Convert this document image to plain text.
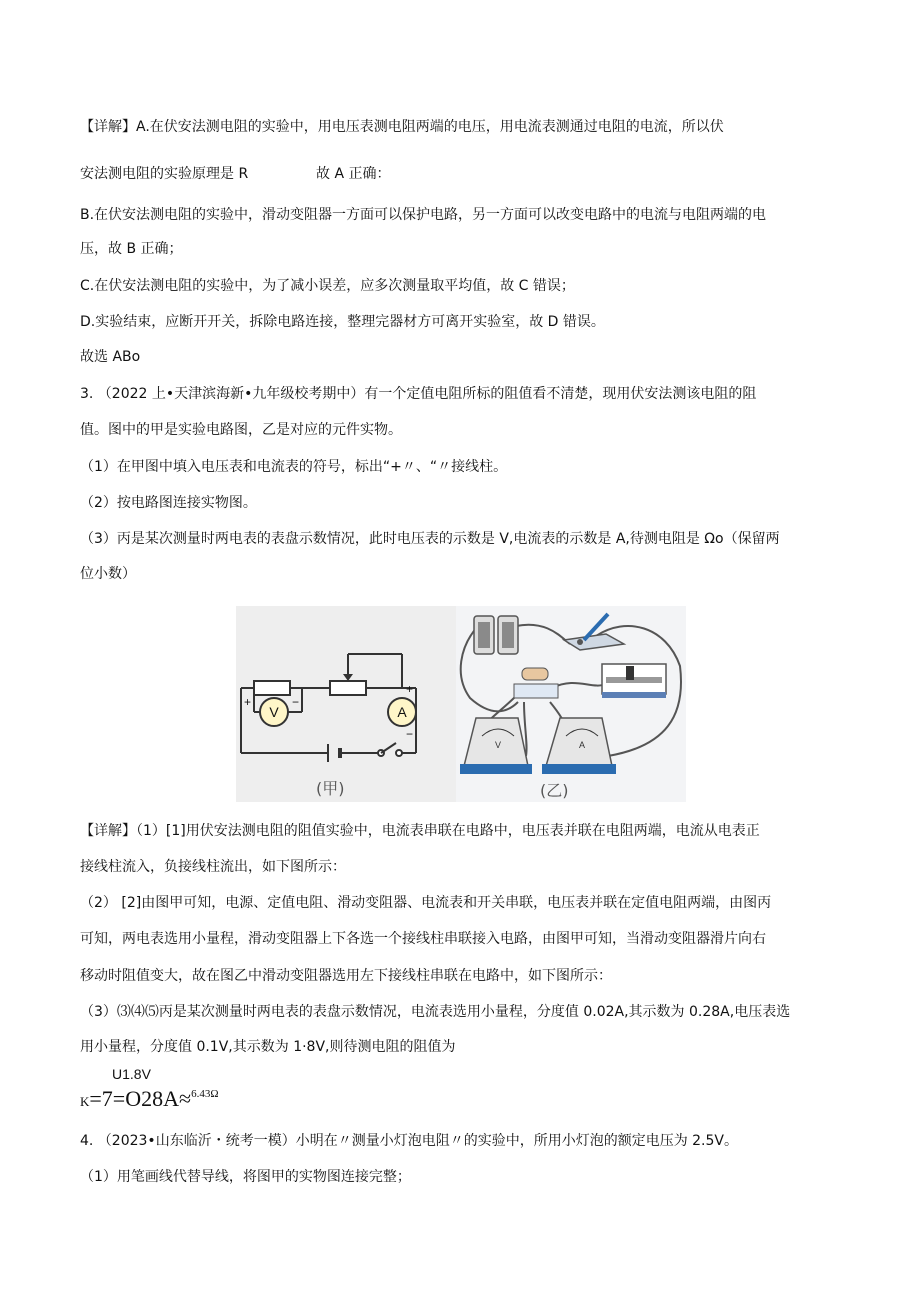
【详解】A.在伏安法测电阻的实验中，用电压表测电阻两端的电压，用电流表测通过电阻的电流，所以伏
安法测电阻的实验原理是 R	故 A 正确：
B.在伏安法测电阻的实验中，滑动变阻器一方面可以保护电路，另一方面可以改变电路中的电流与电阻两端的电
压，故 B 正确；
C.在伏安法测电阻的实验中，为了减小误差，应多次测量取平均值，故 C 错误；
D.实验结束，应断开开关，拆除电路连接，整理完器材方可离开实验室，故 D 错误。
故选 ABo
3. （2022 上•天津滨海新•九年级校考期中）有一个定值电阻所标的阻值看不清楚，现用伏安法测该电阻的阻
值。图中的甲是实验电路图，乙是对应的元件实物。
（1）在甲图中填入电压表和电流表的符号，标出“+〃、“〃接线柱。
（2）按电路图连接实物图。
（3）丙是某次测量时两电表的表盘示数情况，此时电压表的示数是 V,电流表的示数是 A,待测电阻是 Ωo（保留两
位小数）
V	A
+	−
+
−
(甲)
V	A
(乙)
【详解】（1）[1]用伏安法测电阻的阻值实验中，电流表串联在电路中，电压表并联在电阻两端，电流从电表正
接线柱流入，负接线柱流出，如下图所示：
（2） [2]由图甲可知，电源、定值电阻、滑动变阻器、电流表和开关串联，电压表并联在定值电阻两端，由图丙
可知，两电表选用小量程，滑动变阻器上下各选一个接线柱串联接入电路，由图甲可知，当滑动变阻器滑片向右
移动时阻值变大，故在图乙中滑动变阻器选用左下接线柱串联在电路中，如下图所示：
（3）⑶⑷⑸丙是某次测量时两电表的表盘示数情况，电流表选用小量程，分度值 0.02A,其示数为 0.28A,电压表选
用小量程，分度值 0.1V,其示数为 1·8V,则待测电阻的阻值为
U1.8V
K=7=O28A≈$^{6.43\Omega}$
4. （2023•山东临沂・统考一模）小明在〃测量小灯泡电阻〃的实验中，所用小灯泡的额定电压为 2.5V。
（1）用笔画线代替导线，将图甲的实物图连接完整；
